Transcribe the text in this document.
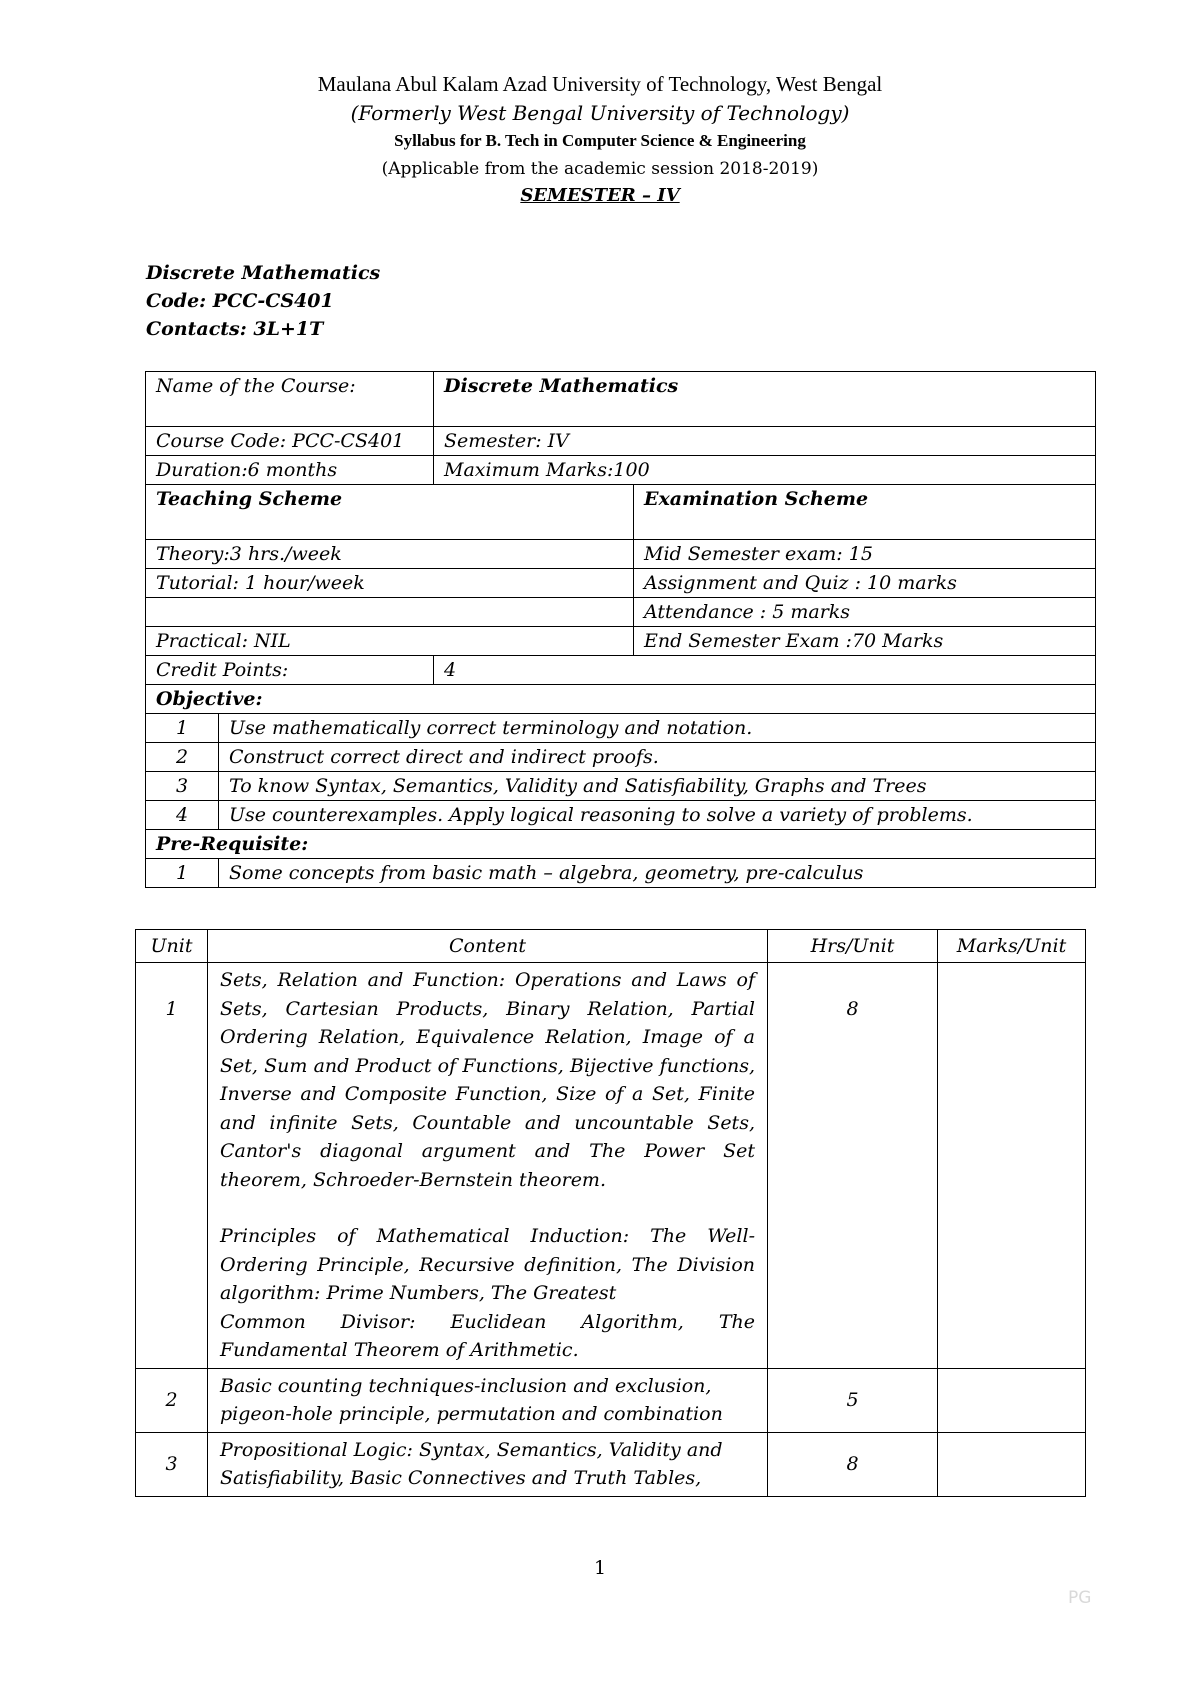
Maulana Abul Kalam Azad University of Technology, West Bengal
(Formerly West Bengal University of Technology)
Syllabus for B. Tech in Computer Science & Engineering
(Applicable from the academic session 2018-2019)
SEMESTER – IV
Discrete Mathematics
Code: PCC-CS401
Contacts: 3L+1T
Name of the Course:		Discrete Mathematics	
Course Code: PCC-CS401		Semester: IV	
Duration:6 months		Maximum Marks:100	
Teaching Scheme			Examination Scheme
Theory:3 hrs./week			Mid Semester exam: 15
Tutorial: 1 hour/week			Assignment and Quiz : 10 marks
			Attendance : 5 marks
Practical: NIL			End Semester Exam :70 Marks
Credit Points:		4	
Objective:			
1	Use mathematically correct terminology and notation.		
2	Construct correct direct and indirect proofs.		
3	To know Syntax, Semantics, Validity and Satisfiability, Graphs and Trees		
4	Use counterexamples. Apply logical reasoning to solve a variety of problems.		
Pre-Requisite:			
1	Some concepts from basic math – algebra, geometry, pre-calculus		
Unit	Content	Hrs/Unit	Marks/Unit
1	Sets, Relation and Function: Operations and Laws of Sets, Cartesian Products, Binary Relation, Partial Ordering Relation, Equivalence Relation, Image of a Set, Sum and Product of Functions, Bijective functions, Inverse and Composite Function, Size of a Set, Finite and infinite Sets, Countable and uncountable Sets, Cantor's diagonal argument and The Power Set theorem, Schroeder-Bernstein theorem.
Principles of Mathematical Induction: The Well-Ordering Principle, Recursive definition, The Division algorithm: Prime Numbers, The Greatest
Common Divisor: Euclidean Algorithm, The Fundamental Theorem of Arithmetic.	8	
2	Basic counting techniques-inclusion and exclusion,
pigeon-hole principle, permutation and combination	5	
3	Propositional Logic: Syntax, Semantics, Validity and
Satisfiability, Basic Connectives and Truth Tables,	8	
1
PG
